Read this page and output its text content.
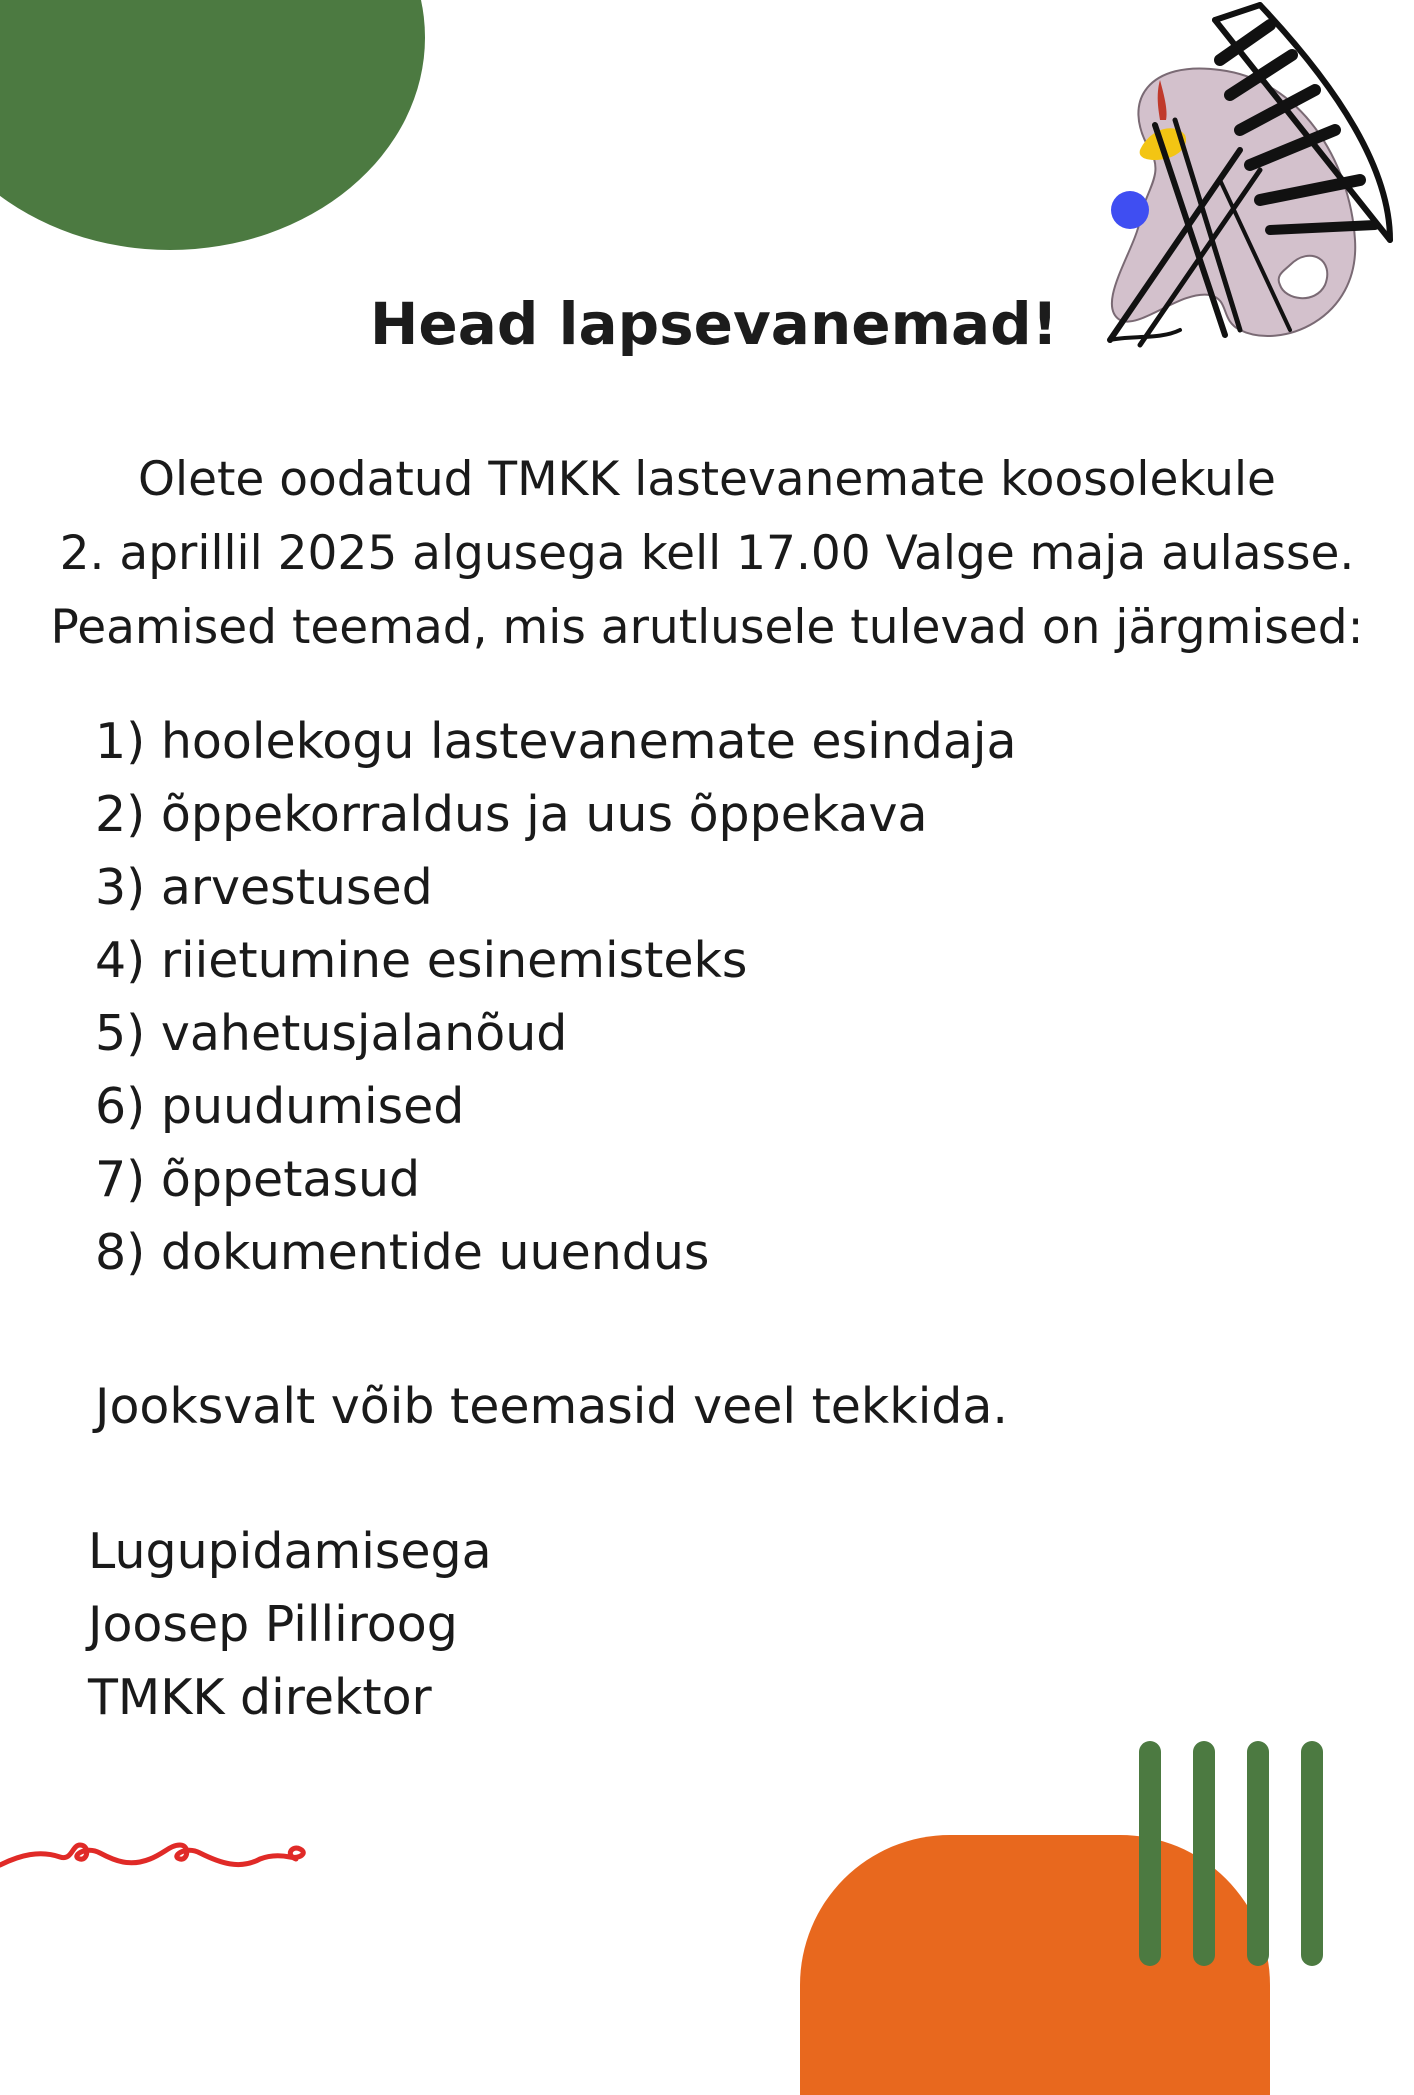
Head lapsevanemad!
Olete oodatud TMKK lastevanemate koosolekule
2. aprillil 2025 algusega kell 17.00 Valge maja aulasse.
Peamised teemad, mis arutlusele tulevad on järgmised:
1) hoolekogu lastevanemate esindaja
2) õppekorraldus ja uus õppekava
3) arvestused
4) riietumine esinemisteks
5) vahetusjalanõud
6) puudumised
7) õppetasud
8) dokumentide uuendus
Jooksvalt võib teemasid veel tekkida.
Lugupidamisega
Joosep Pilliroog
TMKK direktor
